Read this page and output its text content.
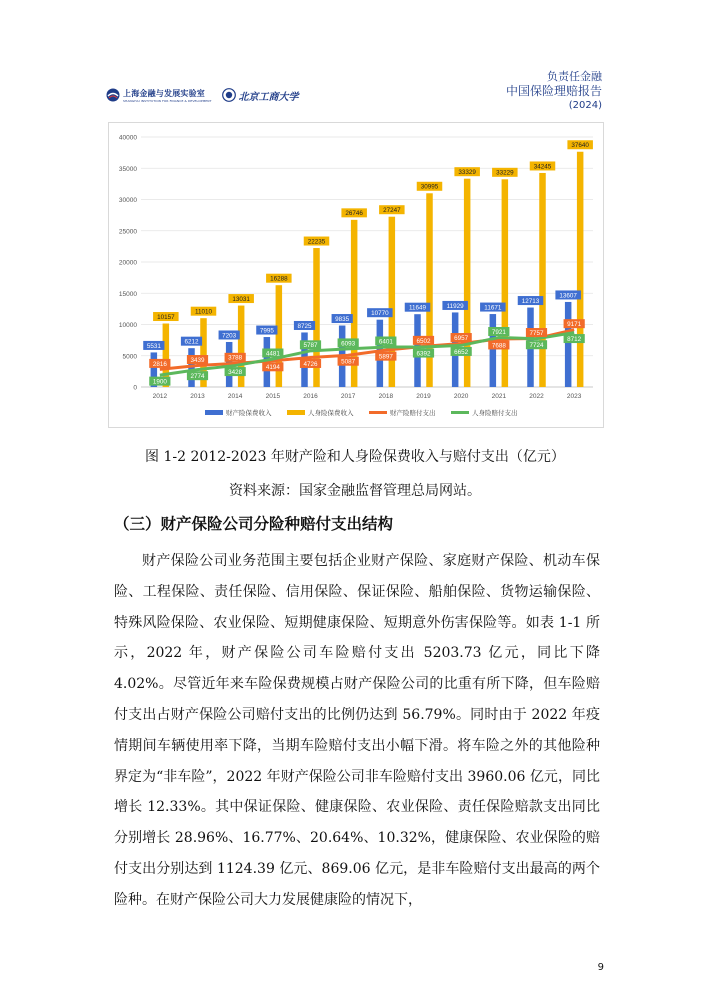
上海金融与发展实验室
SHANGHAI INSTITUTION FOR FINANCE & DEVELOPMENT	北京工商大学
负责任金融
中国保险理赔报告
(2024)
0
5000
10000
15000
20000
25000
30000
35000
40000
2012	2013	2014	2015	2016	2017	2018	2019	2020	2021	2022	2023
5531
6212
7203
7995
8725
9835
10770
11649	11929	11671
12713
13607
10157
11010
13031
16288
22235
26746	27247
30995
33329	33229
34245
37640
2816
3439	3788
4194	4726	5087
5897
6502	6957
7688
7757
9171
1900
2774
3428
4481
5787	6093	6401
6392	6652
7921
7724
8712
财产险保费收入	人身险保费收入	财产险赔付支出	人身险赔付支出
图 1-2 2012-2023 年财产险和人身险保费收入与赔付支出（亿元）
资料来源：国家金融监督管理总局网站。
（三）财产保险公司分险种赔付支出结构

财产保险公司业务范围主要包括企业财产保险、家庭财产保险、机动车保险、工程保险、责任保险、信用保险、保证保险、船舶保险、货物运输保险、特殊风险保险、农业保险、短期健康保险、短期意外伤害保险等。如表 1-1 所示，2022 年，财产保险公司车险赔付支出 5203.73 亿元，同比下降 4.02%。尽管近年来车险保费规模占财产保险公司的比重有所下降，但车险赔付支出占财产保险公司赔付支出的比例仍达到 56.79%。同时由于 2022 年疫情期间车辆使用率下降，当期车险赔付支出小幅下滑。将车险之外的其他险种界定为“非车险”，2022 年财产保险公司非车险赔付支出 3960.06 亿元，同比增长 12.33%。其中保证保险、健康保险、农业保险、责任保险赔款支出同比分别增长 28.96%、16.77%、20.64%、10.32%，健康保险、农业保险的赔付支出分别达到 1124.39 亿元、869.06 亿元，是非车险赔付支出最高的两个险种。在财产保险公司大力发展健康险的情况下，

9
